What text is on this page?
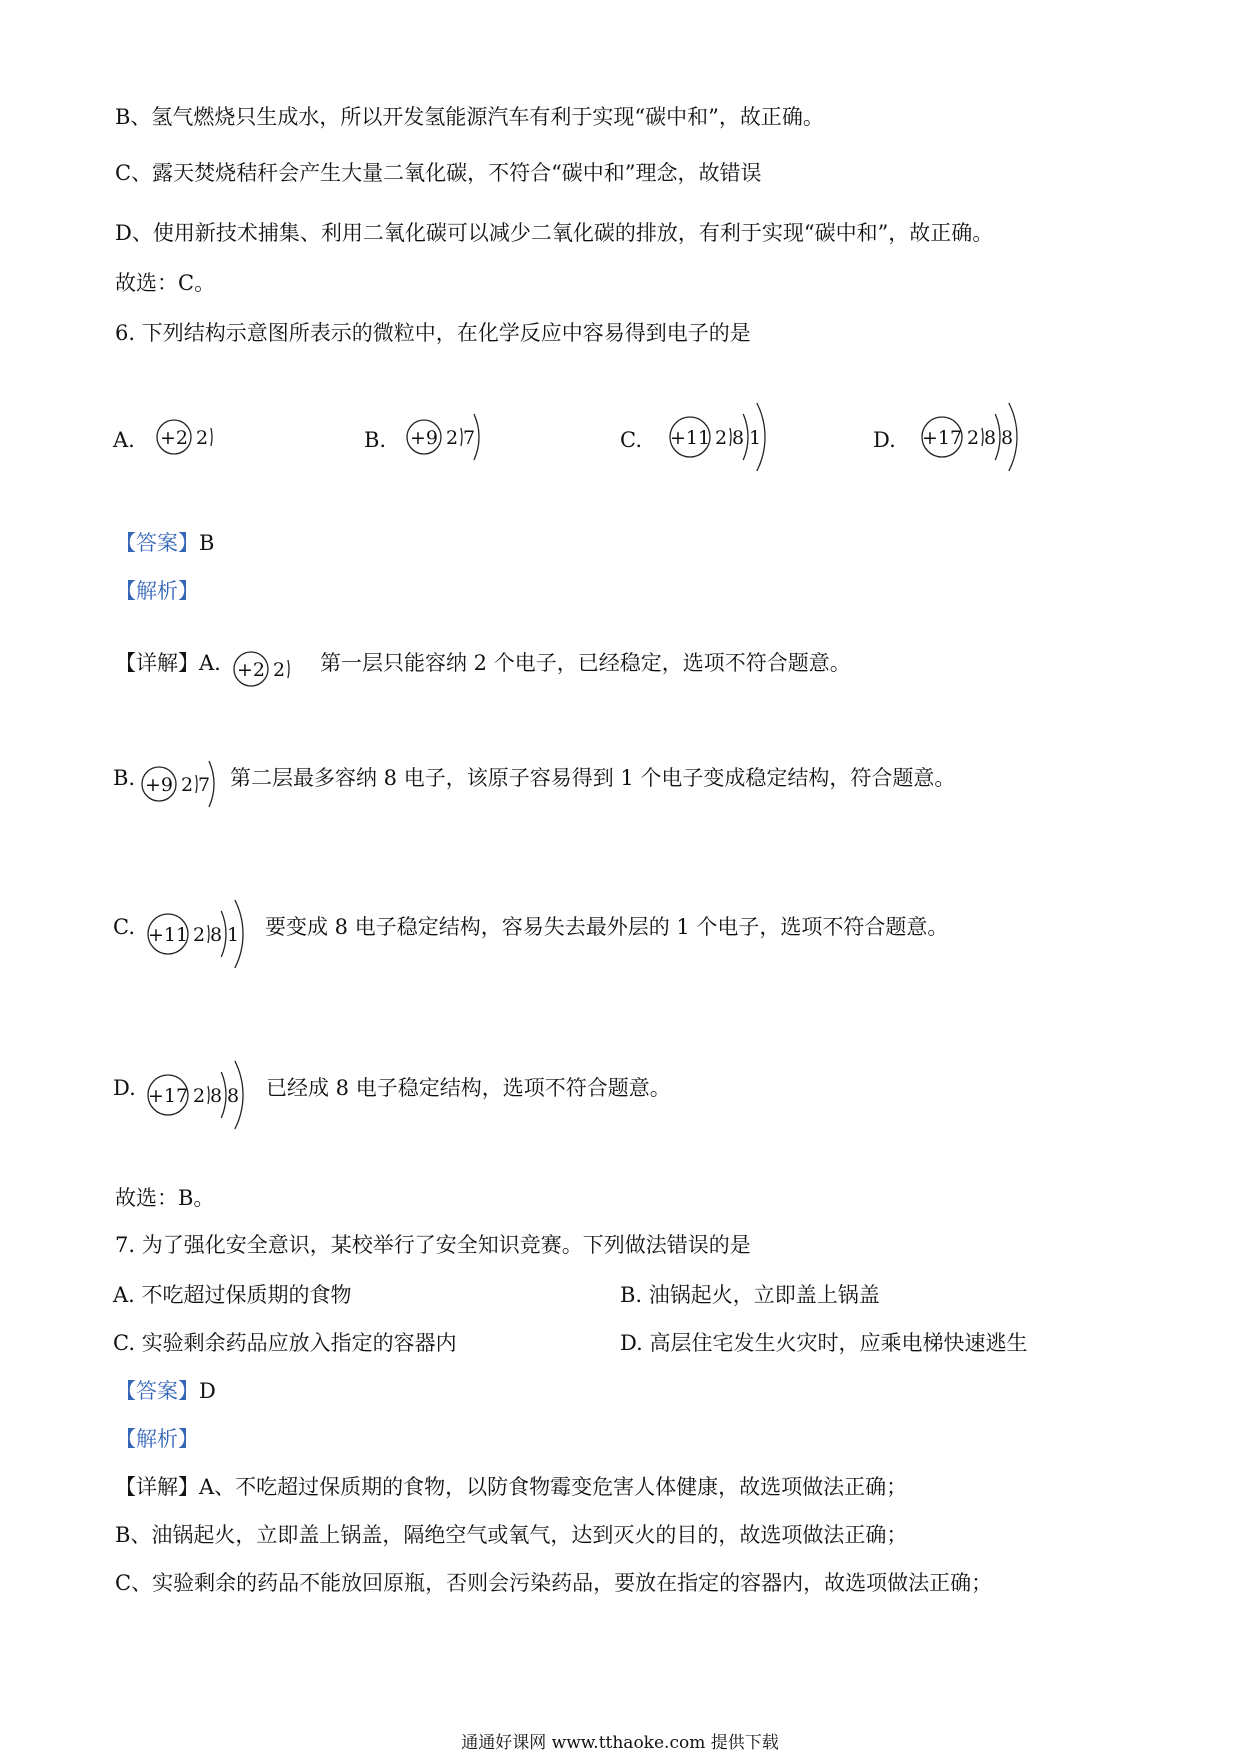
B、氢气燃烧只生成水，所以开发氢能源汽车有利于实现“碳中和”，故正确。
C、露天焚烧秸秆会产生大量二氧化碳，不符合“碳中和”理念，故错误
D、使用新技术捕集、利用二氧化碳可以减少二氧化碳的排放，有利于实现“碳中和”，故正确。
故选：C。
6. 下列结构示意图所表示的微粒中，在化学反应中容易得到电子的是
A. +2 2	B. +9 2 7	C. +11 2 8 1	D. +17 2 8 8
【答案】B
【解析】
【详解】A. +2 2 第一层只能容纳 2 个电子，已经稳定，选项不符合题意。
B. +9 2 7 第二层最多容纳 8 电子，该原子容易得到 1 个电子变成稳定结构，符合题意。
C. +11 2 8 1 要变成 8 电子稳定结构，容易失去最外层的 1 个电子，选项不符合题意。
D. +17 2 8 8 已经成 8 电子稳定结构，选项不符合题意。
故选：B。
7. 为了强化安全意识，某校举行了安全知识竞赛。下列做法错误的是
A. 不吃超过保质期的食物	B. 油锅起火，立即盖上锅盖
C. 实验剩余药品应放入指定的容器内	D. 高层住宅发生火灾时，应乘电梯快速逃生
【答案】D
【解析】
【详解】A、不吃超过保质期的食物，以防食物霉变危害人体健康，故选项做法正确；
B、油锅起火，立即盖上锅盖，隔绝空气或氧气，达到灭火的目的，故选项做法正确；
C、实验剩余的药品不能放回原瓶，否则会污染药品，要放在指定的容器内，故选项做法正确；
通通好课网 www.tthaoke.com 提供下载
